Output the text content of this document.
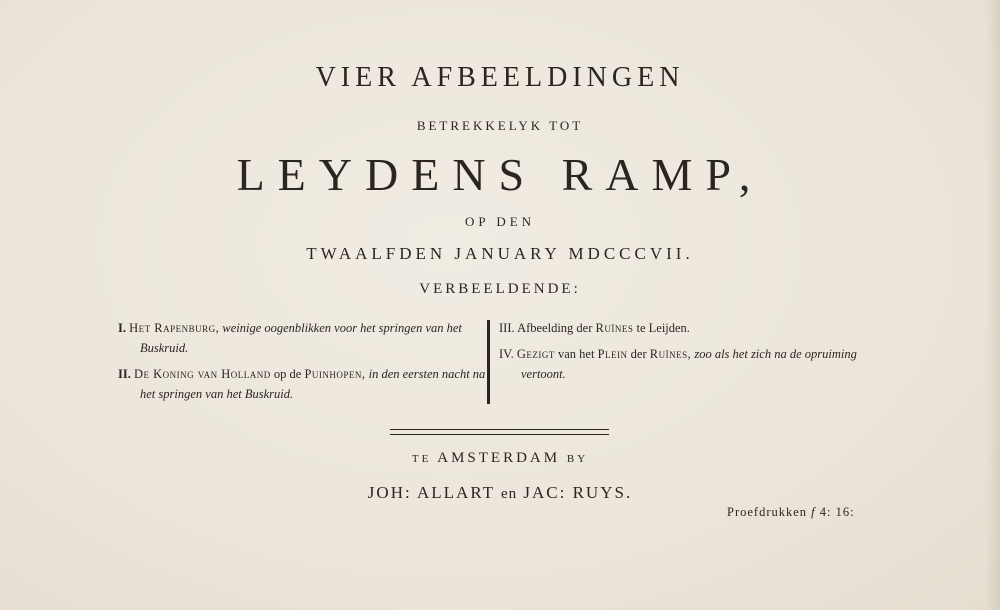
VIER AFBEELDINGEN
BETREKKELYK TOT
LEYDENS RAMP,
OP DEN
TWAALFDEN JANUARY MDCCCVII.
VERBEELDENDE:
I. Het Rapenburg, weinige oogenblikken voor het springen van het Buskruid.
II. De Koning van Holland op de Puinhopen, in den eersten nacht na het springen van het Buskruid.
III. Afbeelding der Ruïnes te Leijden.
IV. Gezigt van het Plein der Ruïnes, zoo als het zich na de opruiming vertoont.
TE AMSTERDAM BY
JOH: ALLART en JAC: RUYS.
Proefdrukken f 4: 16:
